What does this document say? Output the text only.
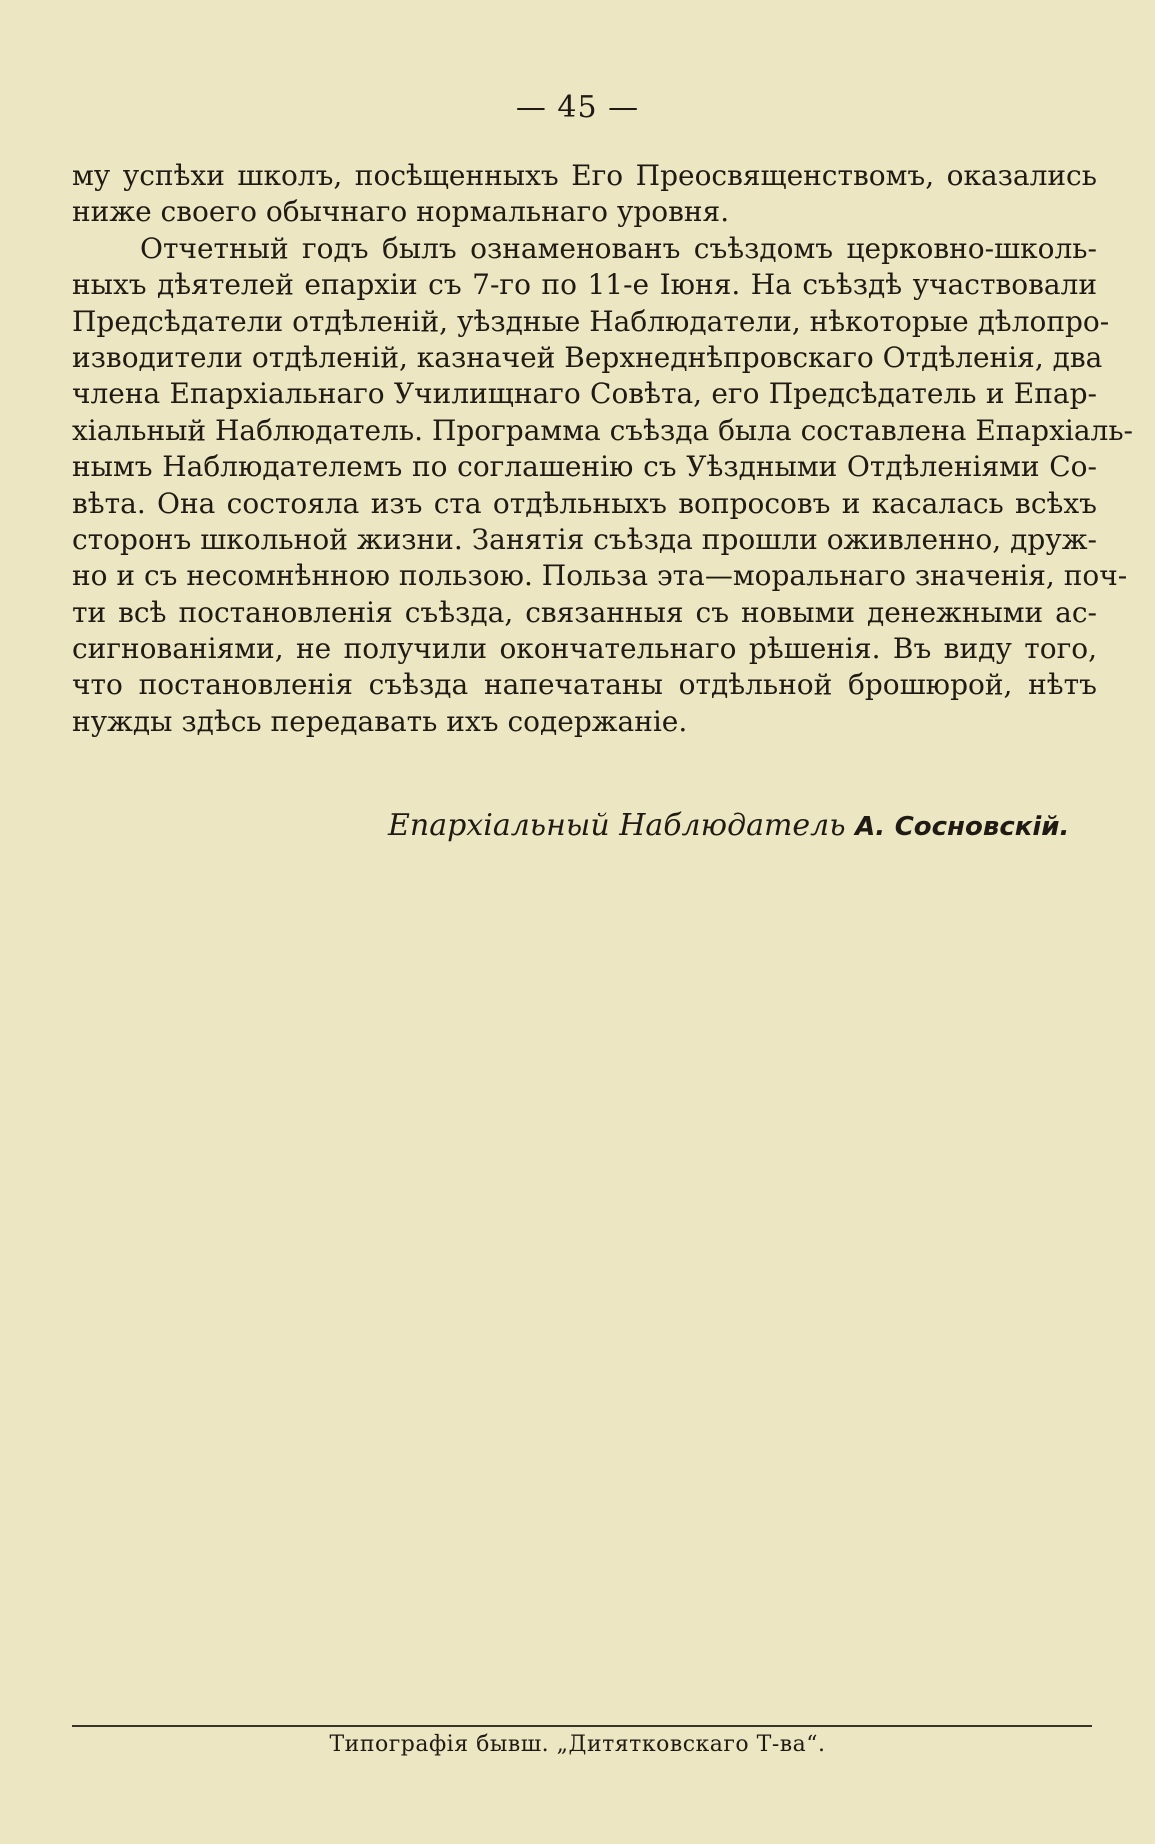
— 45 —
му успѣхи школъ, посѣщенныхъ Его Преосвященствомъ, оказались
ниже своего обычнаго нормальнаго уровня.
Отчетный годъ былъ ознаменованъ съѣздомъ церковно-школь-
ныхъ дѣятелей епархіи съ 7-го по 11-е Іюня. На съѣздѣ участвовали
Предсѣдатели отдѣленій, уѣздные Наблюдатели, нѣкоторые дѣлопро-
изводители отдѣленій, казначей Верхнеднѣпровскаго Отдѣленія, два
члена Епархіальнаго Училищнаго Совѣта, его Предсѣдатель и Епар-
хіальный Наблюдатель. Программа съѣзда была составлена Епархіаль-
нымъ Наблюдателемъ по соглашенію съ Уѣздными Отдѣленіями Со-
вѣта. Она состояла изъ ста отдѣльныхъ вопросовъ и касалась всѣхъ
сторонъ школьной жизни. Занятія съѣзда прошли оживленно, друж-
но и съ несомнѣнною пользою. Польза эта—моральнаго значенія, поч-
ти всѣ постановленія съѣзда, связанныя съ новыми денежными ас-
сигнованіями, не получили окончательнаго рѣшенія. Въ виду того,
что постановленія съѣзда напечатаны отдѣльной брошюрой, нѣтъ
нужды здѣсь передавать ихъ содержаніе.
Епархіальный Наблюдатель А. Сосновскій.
Типографія бывш. „Дитятковскаго Т-ва“.
